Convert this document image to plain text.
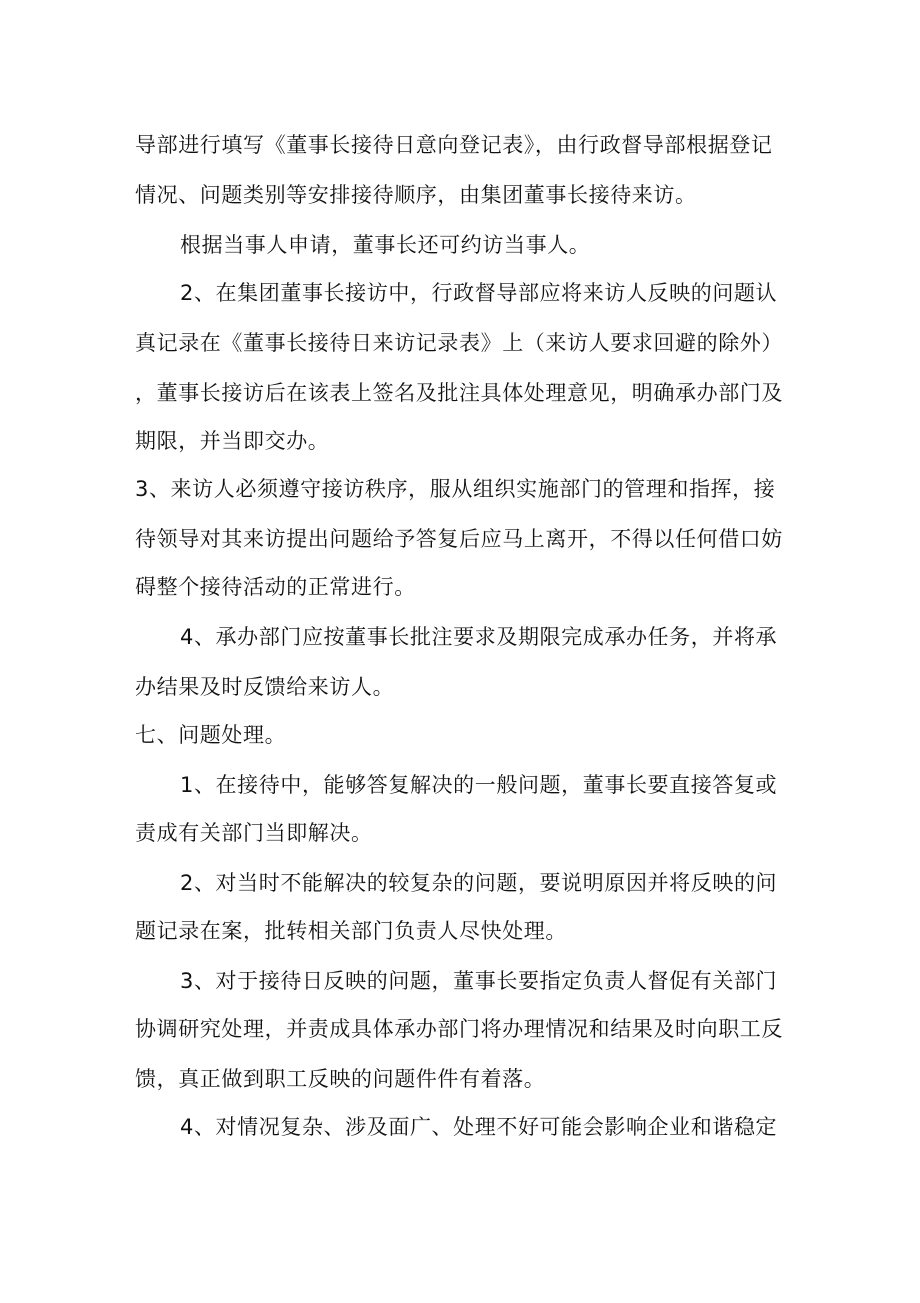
导部进行填写《董事长接待日意向登记表》，由行政督导部根据登记
情况、问题类别等安排接待顺序，由集团董事长接待来访。
根据当事人申请，董事长还可约访当事人。
2、在集团董事长接访中，行政督导部应将来访人反映的问题认
真记录在《董事长接待日来访记录表》上（来访人要求回避的除外）
，董事长接访后在该表上签名及批注具体处理意见，明确承办部门及
期限，并当即交办。
3、来访人必须遵守接访秩序，服从组织实施部门的管理和指挥，接
待领导对其来访提出问题给予答复后应马上离开，不得以任何借口妨
碍整个接待活动的正常进行。
4、承办部门应按董事长批注要求及期限完成承办任务，并将承
办结果及时反馈给来访人。
七、问题处理。
1、在接待中，能够答复解决的一般问题，董事长要直接答复或
责成有关部门当即解决。
2、对当时不能解决的较复杂的问题，要说明原因并将反映的问
题记录在案，批转相关部门负责人尽快处理。
3、对于接待日反映的问题，董事长要指定负责人督促有关部门
协调研究处理，并责成具体承办部门将办理情况和结果及时向职工反
馈，真正做到职工反映的问题件件有着落。
4、对情况复杂、涉及面广、处理不好可能会影响企业和谐稳定
